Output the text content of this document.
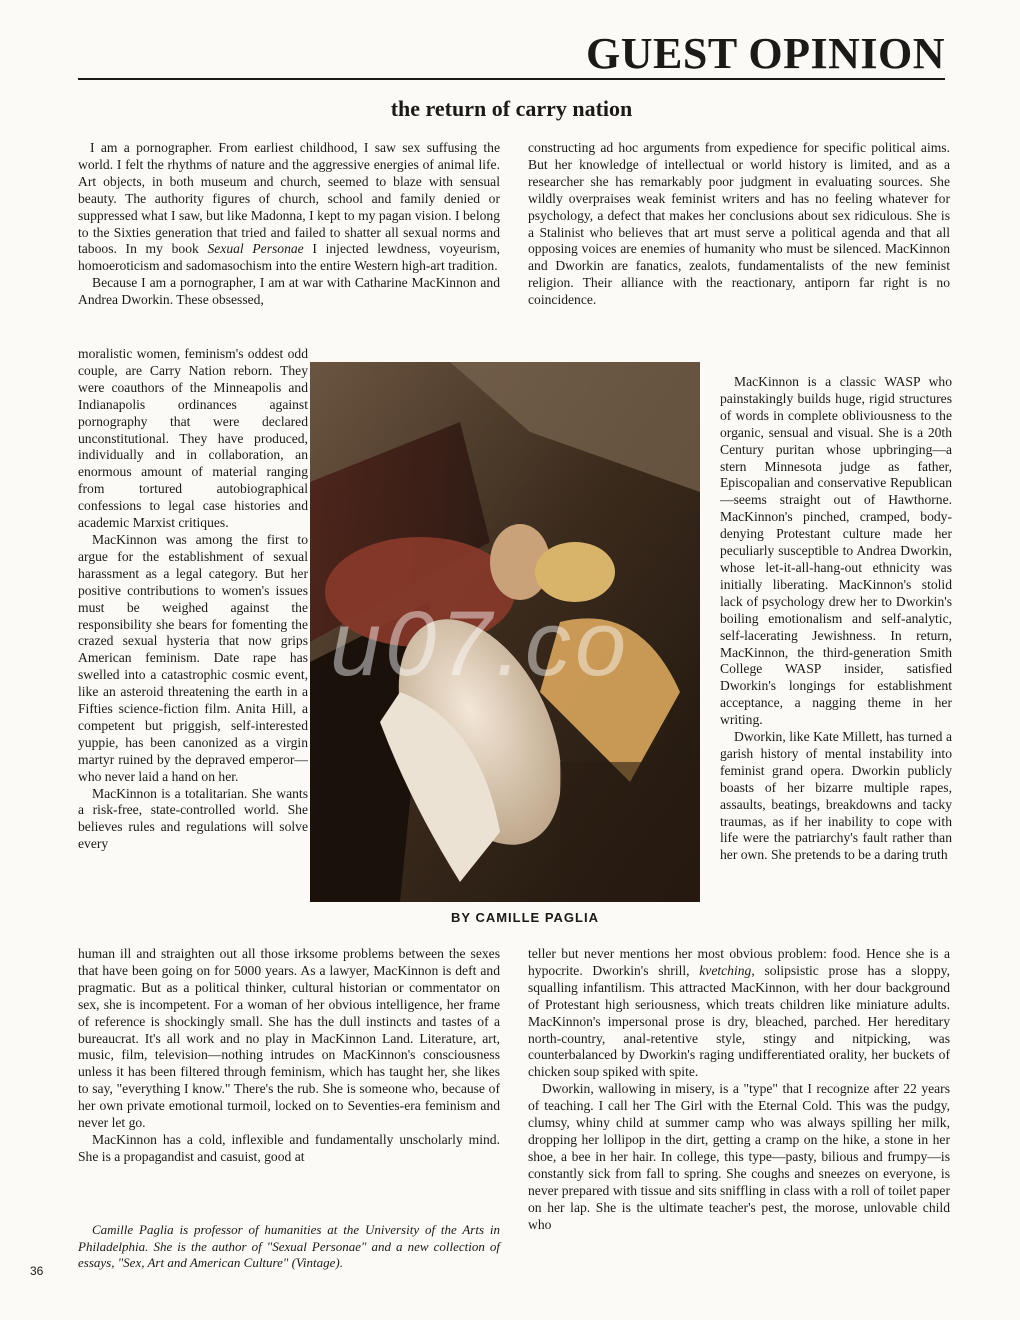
GUEST OPINION
the return of carry nation

I am a pornographer. From earliest childhood, I saw sex suffusing the world. I felt the rhythms of nature and the aggressive energies of animal life. Art objects, in both museum and church, seemed to blaze with sensual beauty. The authority figures of church, school and family denied or suppressed what I saw, but like Madonna, I kept to my pagan vision. I belong to the Sixties generation that tried and failed to shatter all sexual norms and taboos. In my book Sexual Personae I injected lewdness, voyeurism, homoeroticism and sadomasochism into the entire Western high-art tradition.

Because I am a pornographer, I am at war with Catharine MacKinnon and Andrea Dworkin. These obsessed,

moralistic women, feminism's oddest odd couple, are Carry Nation reborn. They were coauthors of the Minneapolis and Indianapolis ordinances against pornography that were declared unconstitutional. They have produced, individually and in collaboration, an enormous amount of material ranging from tortured autobiographical confessions to legal case histories and academic Marxist critiques.

MacKinnon was among the first to argue for the establishment of sexual harassment as a legal category. But her positive contributions to women's issues must be weighed against the responsibility she bears for fomenting the crazed sexual hysteria that now grips American feminism. Date rape has swelled into a catastrophic cosmic event, like an asteroid threatening the earth in a Fifties science-fiction film. Anita Hill, a competent but priggish, self-interested yuppie, has been canonized as a virgin martyr ruined by the depraved emperor—who never laid a hand on her.

MacKinnon is a totalitarian. She wants a risk-free, state-controlled world. She believes rules and regulations will solve every

human ill and straighten out all those irksome problems between the sexes that have been going on for 5000 years. As a lawyer, MacKinnon is deft and pragmatic. But as a political thinker, cultural historian or commentator on sex, she is incompetent. For a woman of her obvious intelligence, her frame of reference is shockingly small. She has the dull instincts and tastes of a bureaucrat. It's all work and no play in MacKinnon Land. Literature, art, music, film, television—nothing intrudes on MacKinnon's consciousness unless it has been filtered through feminism, which has taught her, she likes to say, "everything I know." There's the rub. She is someone who, because of her own private emotional turmoil, locked on to Seventies-era feminism and never let go.

MacKinnon has a cold, inflexible and fundamentally unscholarly mind. She is a propagandist and casuist, good at

constructing ad hoc arguments from expedience for specific political aims. But her knowledge of intellectual or world history is limited, and as a researcher she has remarkably poor judgment in evaluating sources. She wildly overpraises weak feminist writers and has no feeling whatever for psychology, a defect that makes her conclusions about sex ridiculous. She is a Stalinist who believes that art must serve a political agenda and that all opposing voices are enemies of humanity who must be silenced. MacKinnon and Dworkin are fanatics, zealots, fundamentalists of the new feminist religion. Their alliance with the reactionary, antiporn far right is no coincidence.

MacKinnon is a classic WASP who painstakingly builds huge, rigid structures of words in complete obliviousness to the organic, sensual and visual. She is a 20th Century puritan whose upbringing—a stern Minnesota judge as father, Episcopalian and conservative Republican—seems straight out of Hawthorne. MacKinnon's pinched, cramped, body-denying Protestant culture made her peculiarly susceptible to Andrea Dworkin, whose let-it-all-hang-out ethnicity was initially liberating. MacKinnon's stolid lack of psychology drew her to Dworkin's boiling emotionalism and self-analytic, self-lacerating Jewishness. In return, MacKinnon, the third-generation Smith College WASP insider, satisfied Dworkin's longings for establishment acceptance, a nagging theme in her writing.

Dworkin, like Kate Millett, has turned a garish history of mental instability into feminist grand opera. Dworkin publicly boasts of her bizarre multiple rapes, assaults, beatings, breakdowns and tacky traumas, as if her inability to cope with life were the patriarchy's fault rather than her own. She pretends to be a daring truth

teller but never mentions her most obvious problem: food. Hence she is a hypocrite. Dworkin's shrill, kvetching, solipsistic prose has a sloppy, squalling infantilism. This attracted MacKinnon, with her dour background of Protestant high seriousness, which treats children like miniature adults. MacKinnon's impersonal prose is dry, bleached, parched. Her hereditary north-country, anal-retentive style, stingy and nitpicking, was counterbalanced by Dworkin's raging undifferentiated orality, her buckets of chicken soup spiked with spite.

Dworkin, wallowing in misery, is a "type" that I recognize after 22 years of teaching. I call her The Girl with the Eternal Cold. This was the pudgy, clumsy, whiny child at summer camp who was always spilling her milk, dropping her lollipop in the dirt, getting a cramp on the hike, a stone in her shoe, a bee in her hair. In college, this type—pasty, bilious and frumpy—is constantly sick from fall to spring. She coughs and sneezes on everyone, is never prepared with tissue and sits sniffling in class with a roll of toilet paper on her lap. She is the ultimate teacher's pest, the morose, unlovable child who

u07.co
BY CAMILLE PAGLIA

Camille Paglia is professor of humanities at the University of the Arts in Philadelphia. She is the author of "Sexual Personae" and a new collection of essays, "Sex, Art and American Culture" (Vintage).

36
